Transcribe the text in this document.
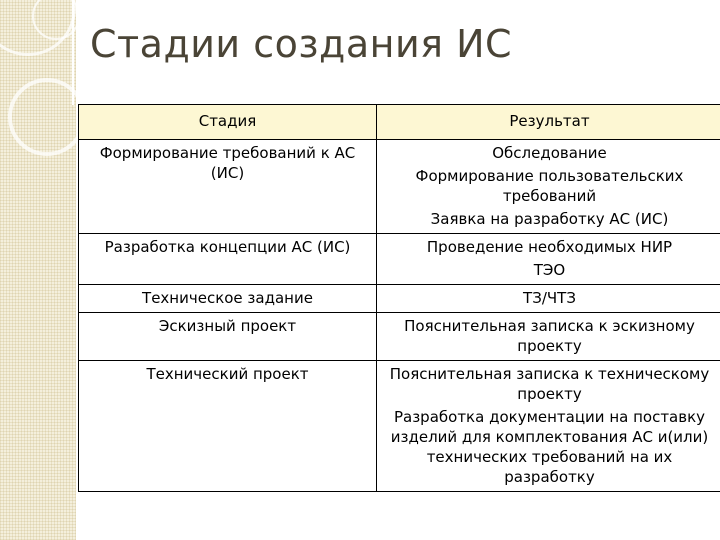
Стадии создания ИС
Стадия	Результат
Формирование требований к АС (ИС)	Обследование
Формирование пользовательских требований
Заявка на разработку АС (ИС)

Разработка концепции АС (ИС)	Проведение необходимых НИР
ТЭО

Техническое задание	ТЗ/ЧТЗ

Эскизный проект	Пояснительная записка к эскизному проекту

Технический проект	Пояснительная записка к техническому проекту
Разработка документации на поставку изделий для комплектования АС и(или) технических требований на их разработку
